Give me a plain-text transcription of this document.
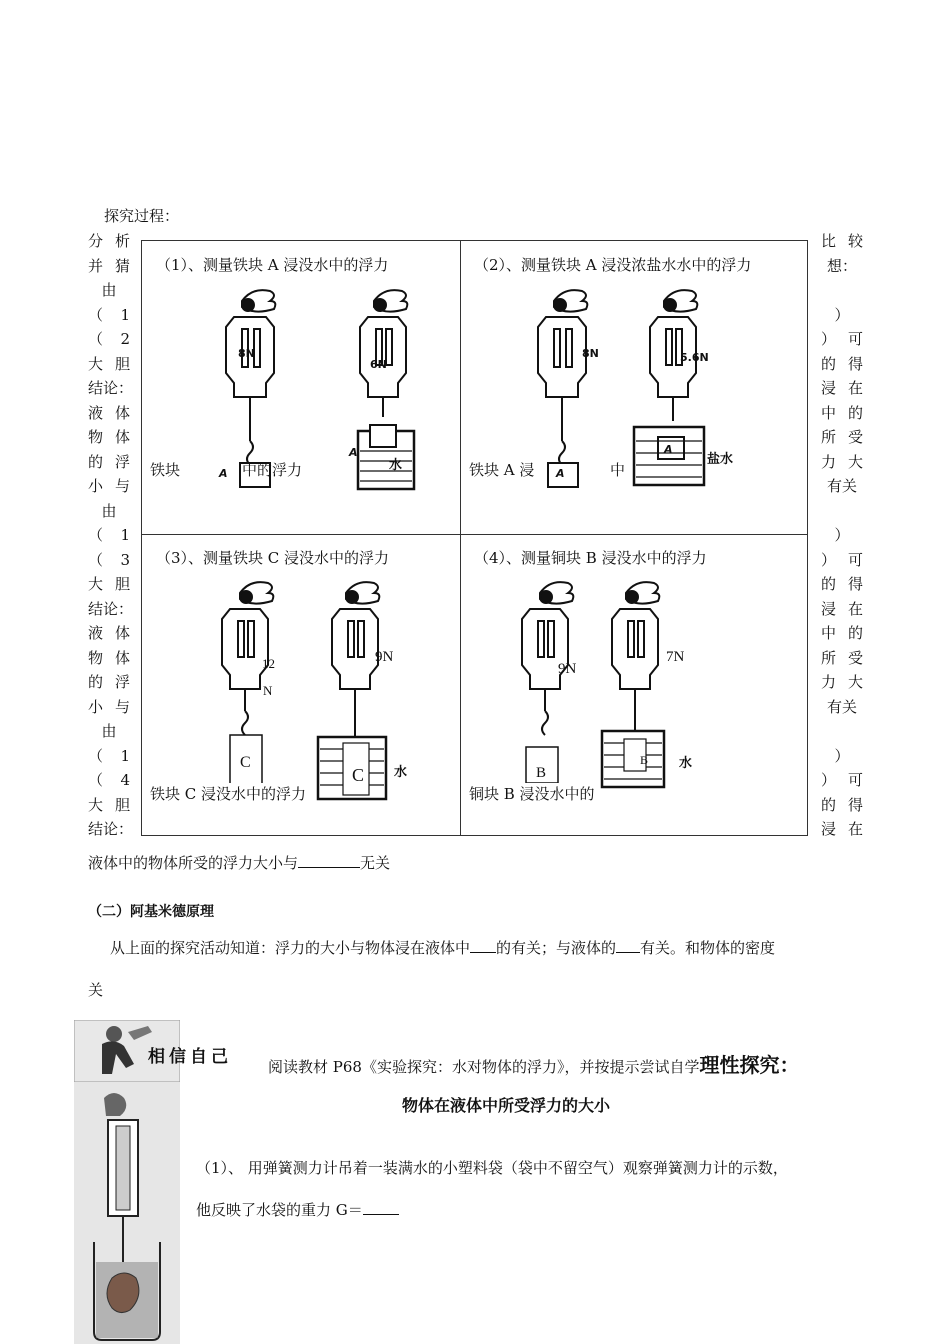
探究过程：
分 析
并 猜
由
（ 1
（ 2
大 胆
结 论：
液 体
物 体
的 浮
小 与
由
（ 1
（ 3
大 胆
结 论：
液 体
物 体
的 浮
小 与
由
（ 1
（ 4
大 胆
结 论：
比 较
想：
）
） 可
的 得
浸 在
中 的
所 受
力 大
有关
）
） 可
的 得
浸 在
中 的
所 受
力 大
有关
）
） 可
的 得
浸 在
（1）、测量铁块 A 浸没水中的浮力
8N
6N
A
A
水
铁块	中的浮力
（2）、测量铁块 A 浸没浓盐水水中的浮力
8N	5.6N
A
A
盐水
铁块 A 浸	中
（3）、测量铁块 C 浸没水中的浮力
12
N
9N
C
C 水
铁块 C 浸没水中的浮力
（4）、测量铜块 B 浸没水中的浮力
9N
7N
B
B 水
铜块 B 浸没水中的
液体中的物体所受的浮力大小与	无关
（二）阿基米德原理
从上面的探究活动知道：浮力的大小与物体浸在液体中 的有关；与液体的 有关。和物体的密度
关
相信自己 阅读教材 P68《实验探究：水对物体的浮力》，并按提示尝试自学理性探究：
物体在液体中所受浮力的大小
（1）、 用弹簧测力计吊着一装满水的小塑料袋（袋中不留空气）观察弹簧测力计的示数，
他反映了水袋的重力 G＝
